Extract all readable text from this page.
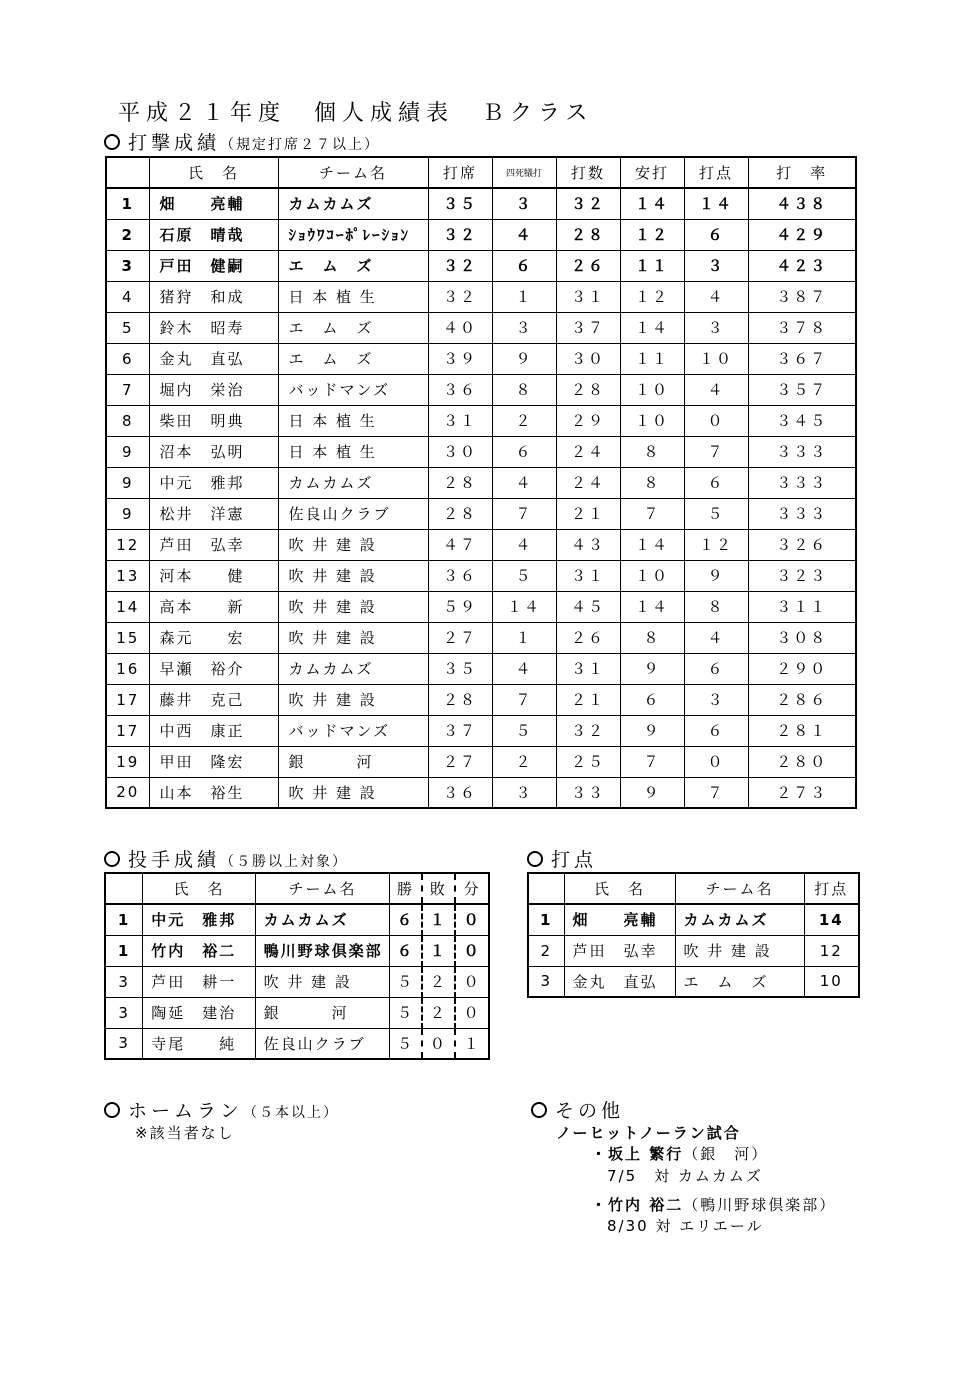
平成２１年度　個人成績表　Ｂクラス
打撃成績（規定打席２７以上）
	氏　名	チーム名	打席	四死犠打	打数	安打	打点	打　率
1	畑　　亮輔	カムカムズ	３５	３	３２	１４	１４	４３８
2	石原　晴哉	ｼｮｳﾜｺｰﾎﾟﾚｰｼｮﾝ	３２	４	２８	１２	６	４２９
3	戸田　健嗣	エ　ム　ズ	３２	６	２６	１１	３	４２３
4	猪狩　和成	日 本 植 生	３２	１	３１	１２	４	３８７
5	鈴木　昭寿	エ　ム　ズ	４０	３	３７	１４	３	３７８
6	金丸　直弘	エ　ム　ズ	３９	９	３０	１１	１０	３６７
7	堀内　栄治	バッドマンズ	３６	８	２８	１０	４	３５７
8	柴田　明典	日 本 植 生	３１	２	２９	１０	０	３４５
9	沼本　弘明	日 本 植 生	３０	６	２４	８	７	３３３
9	中元　雅邦	カムカムズ	２８	４	２４	８	６	３３３
9	松井　洋憲	佐良山クラブ	２８	７	２１	７	５	３３３
12	芦田　弘幸	吹 井 建 設	４７	４	４３	１４	１２	３２６
13	河本　　健	吹 井 建 設	３６	５	３１	１０	９	３２３
14	高本　　新	吹 井 建 設	５９	１４	４５	１４	８	３１１
15	森元　　宏	吹 井 建 設	２７	１	２６	８	４	３０８
16	早瀬　裕介	カムカムズ	３５	４	３１	９	６	２９０
17	藤井　克己	吹 井 建 設	２８	７	２１	６	３	２８６
17	中西　康正	バッドマンズ	３７	５	３２	９	６	２８１
19	甲田　隆宏	銀　　　河	２７	２	２５	７	０	２８０
20	山本　裕生	吹 井 建 設	３６	３	３３	９	７	２７３
投手成績（５勝以上対象）
	氏　名	チーム名	勝	敗	分
1	中元　雅邦	カムカムズ	６	１	０
1	竹内　裕二	鴨川野球倶楽部	６	１	０
3	芦田　耕一	吹 井 建 設	５	２	０
3	陶延　建治	銀　　　河	５	２	０
3	寺尾　　純	佐良山クラブ	５	０	１
打点
	氏　名	チーム名	打点
1	畑　　亮輔	カムカムズ	14
2	芦田　弘幸	吹 井 建 設	12
3	金丸　直弘	エ　ム　ズ	10
ホームラン（５本以上）
※該当者なし
その他
ノーヒットノーラン試合
・坂上 繁行（銀　河）
7/5　対 カムカムズ
・竹内 裕二（鴨川野球倶楽部）
8/30 対 エリエール
